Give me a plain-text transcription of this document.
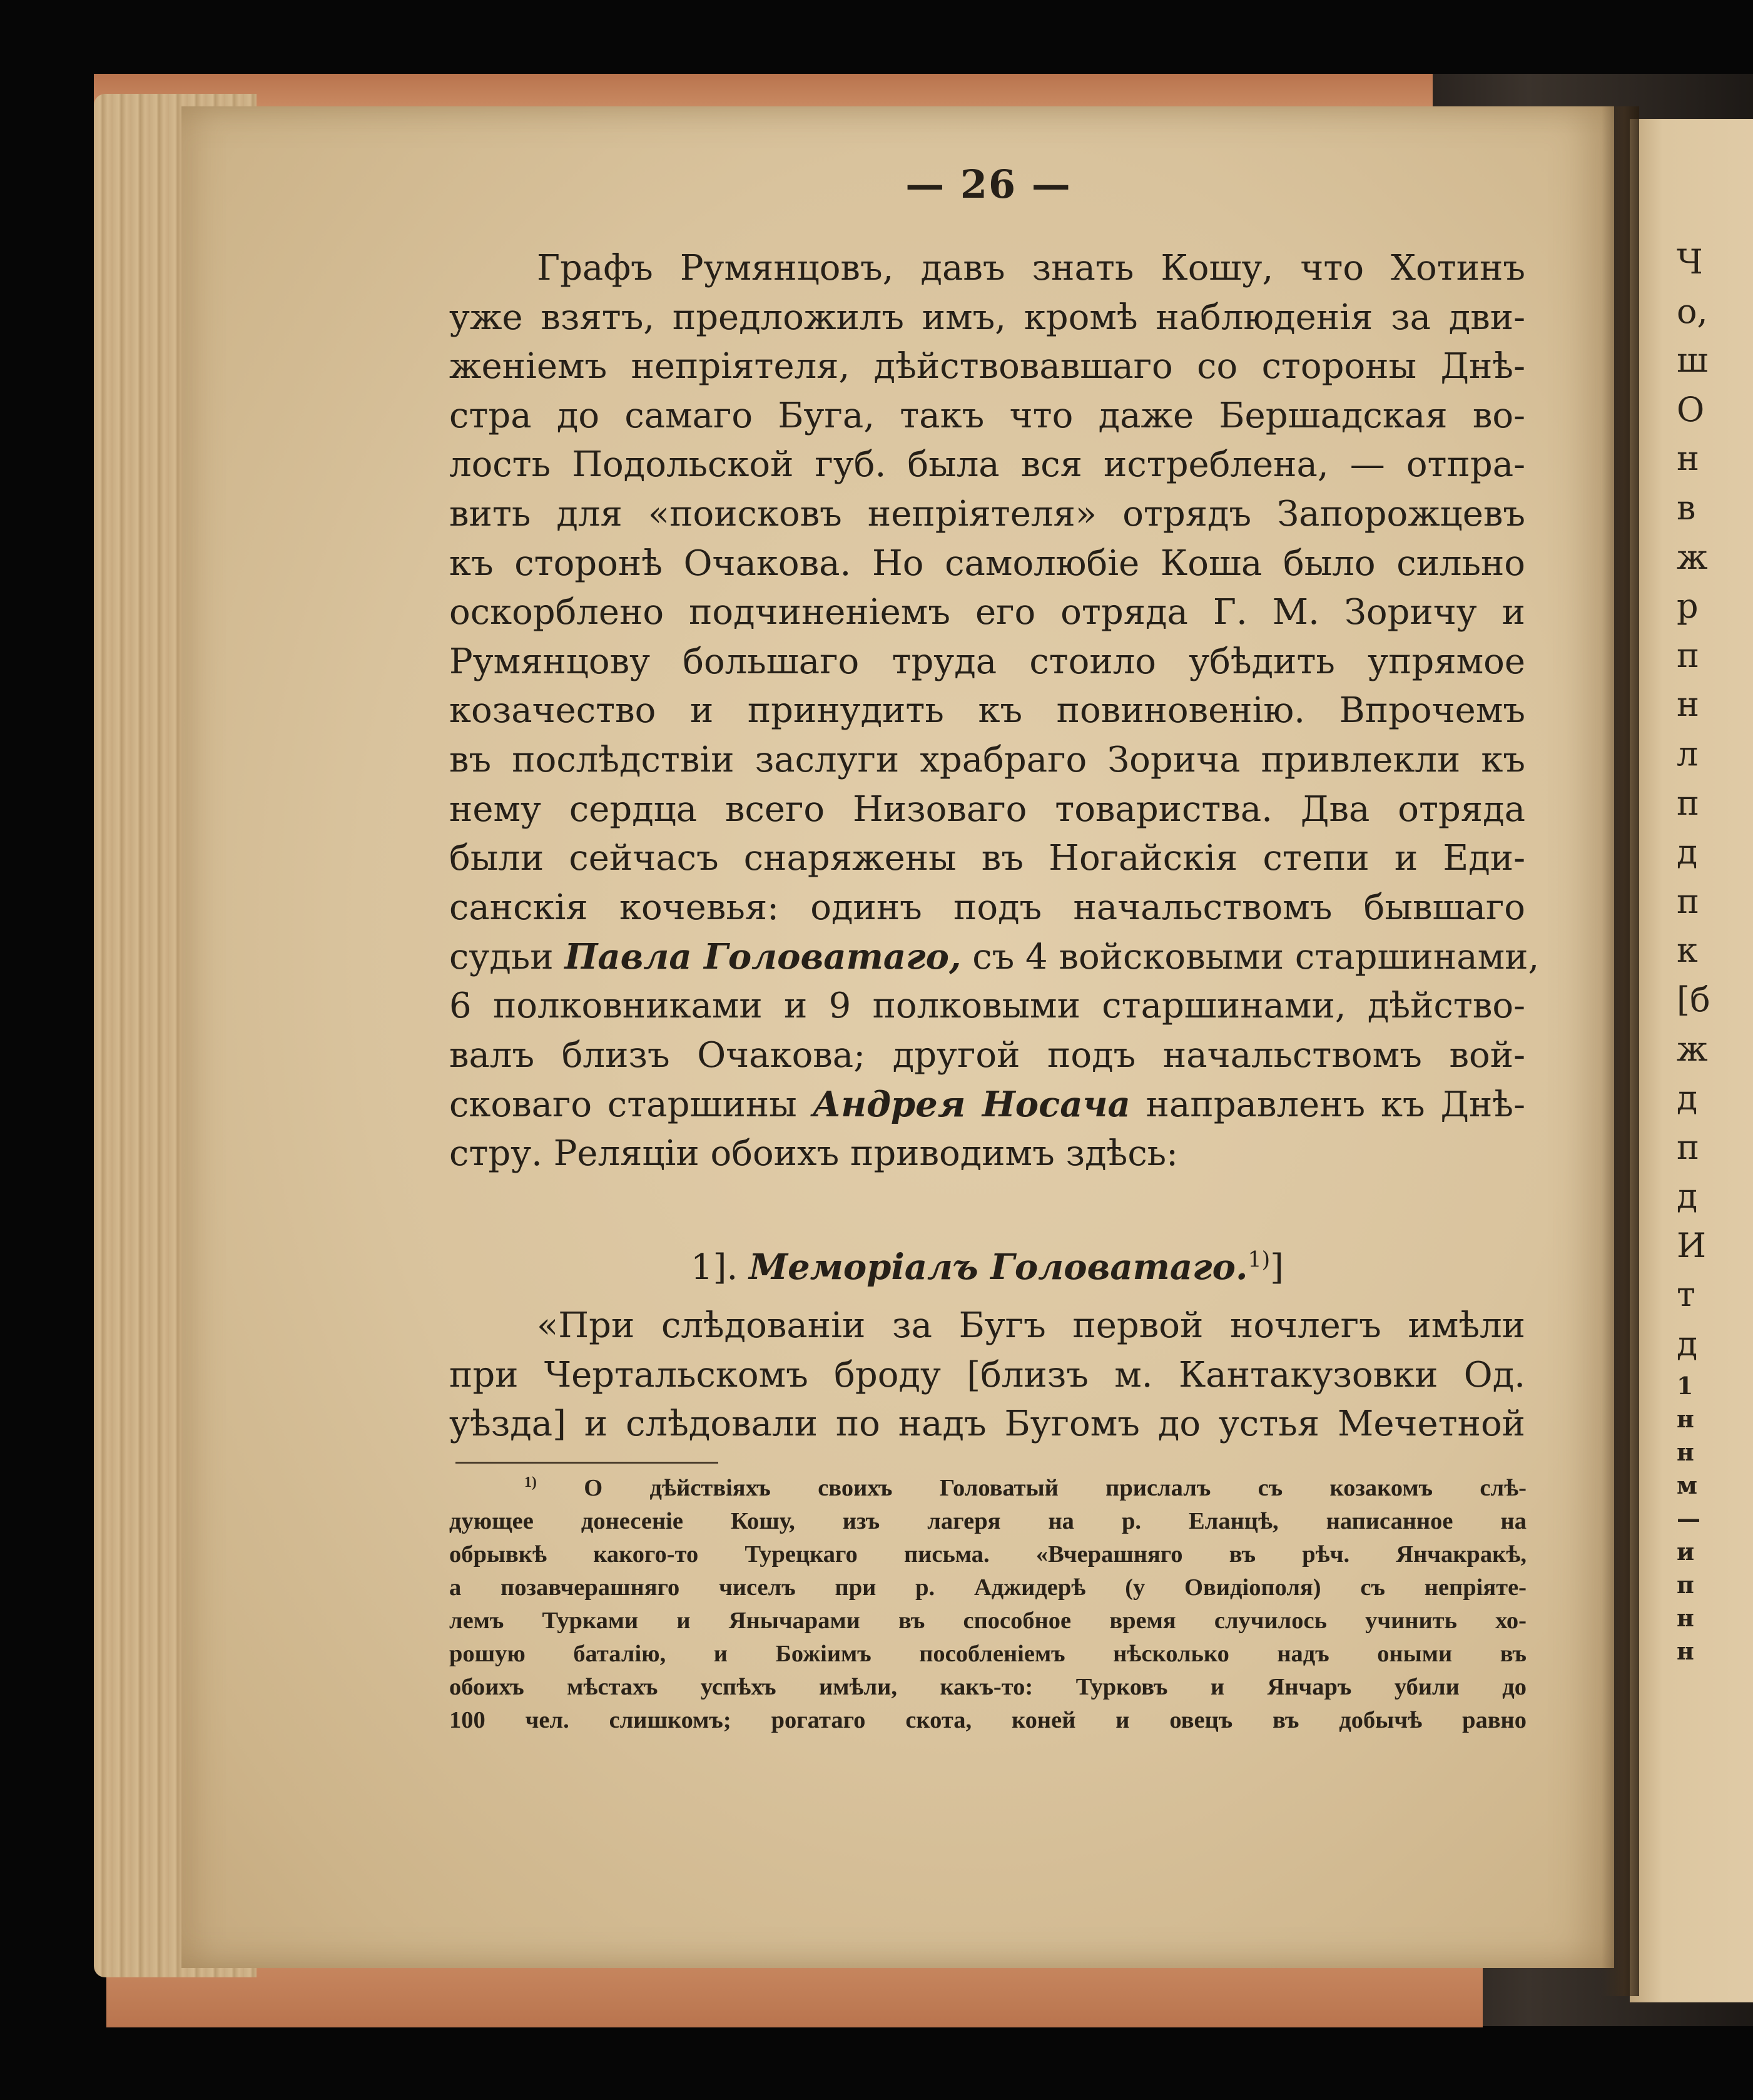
— 26 —
Графъ Румянцовъ, давъ знать Кошу, что Хотинъ
уже взятъ, предложилъ имъ, кромѣ наблюденія за дви-
женіемъ непріятеля, дѣйствовавшаго со стороны Днѣ-
стра до самаго Буга, такъ что даже Бершадская во-
лость Подольской губ. была вся истреблена, — отпра-
вить для «поисковъ непріятеля» отрядъ Запорожцевъ
къ сторонѣ Очакова. Но самолюбіе Коша было сильно
оскорблено подчиненіемъ его отряда Г. М. Зоричу и
Румянцову большаго труда стоило убѣдить упрямое
козачество и принудить къ повиновенію. Впрочемъ
въ послѣдствіи заслуги храбраго Зорича привлекли къ
нему сердца всего Низоваго товариства. Два отряда
были сейчасъ снаряжены въ Ногайскія степи и Еди-
санскія кочевья: одинъ подъ начальствомъ бывшаго
судьи Павла Головатаго, съ 4 войсковыми старшинами,
6 полковниками и 9 полковыми старшинами, дѣйство-
валъ близъ Очакова; другой подъ начальствомъ вой-
сковаго старшины Андрея Носача направленъ къ Днѣ-
стру. Реляціи обоихъ приводимъ здѣсь:
1]. Меморіалъ Головатаго.$^{1)}$]
«При слѣдованіи за Бугъ первой ночлегъ имѣли
при Чертальскомъ броду [близъ м. Кантакузовки Од.
уѣзда] и слѣдовали по надъ Бугомъ до устья Мечетной
$^{1)}$ О дѣйствіяхъ своихъ Головатый прислалъ съ козакомъ слѣ-
дующее донесеніе Кошу, изъ лагеря на р. Еланцѣ, написанное на
обрывкѣ какого-то Турецкаго письма. «Вчерашняго въ рѣч. Янчакракѣ,
а позавчерашняго чиселъ при р. Аджидерѣ (у Овидіополя) съ непріяте-
лемъ Турками и Янычарами въ способное время случилось учинить хо-
рошую баталію, и Божіимъ пособленіемъ нѣсколько надъ оными въ
обоихъ мѣстахъ успѣхъ имѣли, какъ-то: Турковъ и Янчаръ убили до
100 чел. слишкомъ; рогатаго скота, коней и овецъ въ добычѣ равно
Ч
о,
ш
О
н
в
ж
р
п
н
л
п
д
п
к
[б
ж
д
п
д
И
т
д
1
н
н
м
—
и
п
н
н
